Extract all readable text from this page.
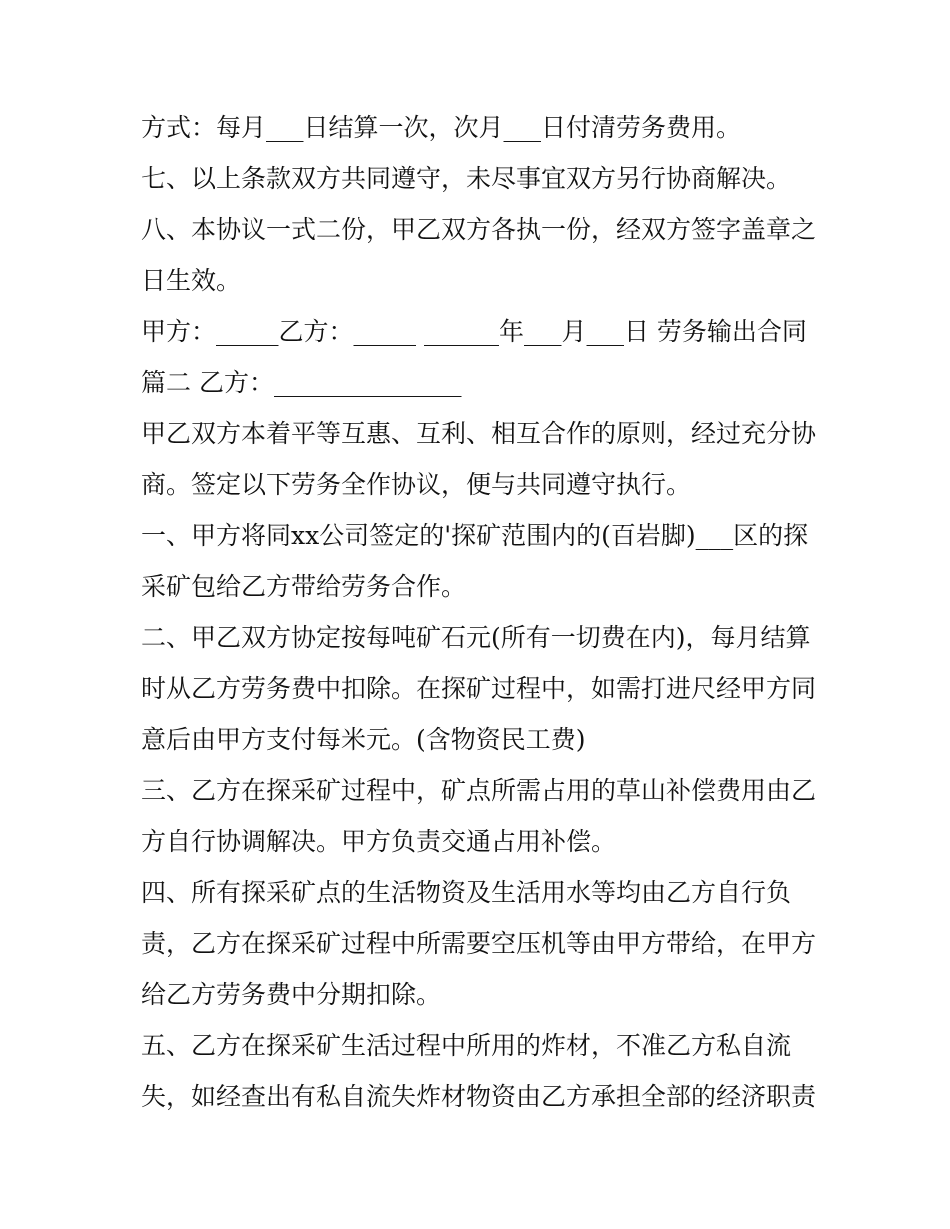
方式：每月___日结算一次，次月___日付清劳务费用。
七、以上条款双方共同遵守，未尽事宜双方另行协商解决。
八、本协议一式二份，甲乙双方各执一份，经双方签字盖章之
日生效。
甲方：_____乙方：_____ ______年___月___日 劳务输出合同
篇二 乙方：_______________
甲乙双方本着平等互惠、互利、相互合作的原则，经过充分协
商。签定以下劳务全作协议，便与共同遵守执行。
一、甲方将同xx公司签定的'探矿范围内的(百岩脚)___区的探
采矿包给乙方带给劳务合作。
二、甲乙双方协定按每吨矿石元(所有一切费在内)，每月结算
时从乙方劳务费中扣除。在探矿过程中，如需打进尺经甲方同
意后由甲方支付每米元。(含物资民工费)
三、乙方在探采矿过程中，矿点所需占用的草山补偿费用由乙
方自行协调解决。甲方负责交通占用补偿。
四、所有探采矿点的生活物资及生活用水等均由乙方自行负
责，乙方在探采矿过程中所需要空压机等由甲方带给，在甲方
给乙方劳务费中分期扣除。
五、乙方在探采矿生活过程中所用的炸材，不准乙方私自流
失，如经查出有私自流失炸材物资由乙方承担全部的经济职责
